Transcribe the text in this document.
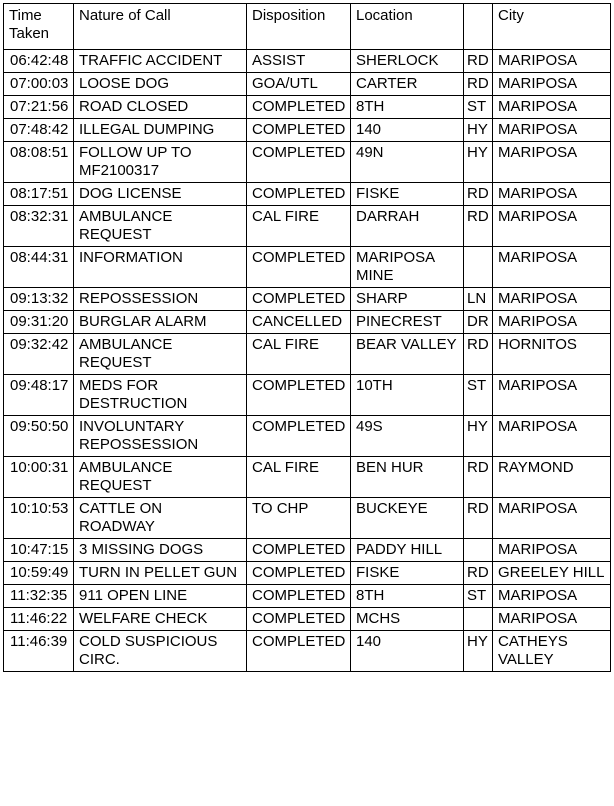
Time Taken	Nature of Call	Disposition	Location		City
06:42:48	TRAFFIC ACCIDENT	ASSIST	SHERLOCK	RD	MARIPOSA
07:00:03	LOOSE DOG	GOA/UTL	CARTER	RD	MARIPOSA
07:21:56	ROAD CLOSED	COMPLETED	8TH	ST	MARIPOSA
07:48:42	ILLEGAL DUMPING	COMPLETED	140	HY	MARIPOSA
08:08:51	FOLLOW UP TO MF2100317	COMPLETED	49N	HY	MARIPOSA
08:17:51	DOG LICENSE	COMPLETED	FISKE	RD	MARIPOSA
08:32:31	AMBULANCE REQUEST	CAL FIRE	DARRAH	RD	MARIPOSA
08:44:31	INFORMATION	COMPLETED	MARIPOSA MINE		MARIPOSA
09:13:32	REPOSSESSION	COMPLETED	SHARP	LN	MARIPOSA
09:31:20	BURGLAR ALARM	CANCELLED	PINECREST	DR	MARIPOSA
09:32:42	AMBULANCE REQUEST	CAL FIRE	BEAR VALLEY	RD	HORNITOS
09:48:17	MEDS FOR DESTRUCTION	COMPLETED	10TH	ST	MARIPOSA
09:50:50	INVOLUNTARY REPOSSESSION	COMPLETED	49S	HY	MARIPOSA
10:00:31	AMBULANCE REQUEST	CAL FIRE	BEN HUR	RD	RAYMOND
10:10:53	CATTLE ON ROADWAY	TO CHP	BUCKEYE	RD	MARIPOSA
10:47:15	3 MISSING DOGS	COMPLETED	PADDY HILL		MARIPOSA
10:59:49	TURN IN PELLET GUN	COMPLETED	FISKE	RD	GREELEY HILL
11:32:35	911 OPEN LINE	COMPLETED	8TH	ST	MARIPOSA
11:46:22	WELFARE CHECK	COMPLETED	MCHS		MARIPOSA
11:46:39	COLD SUSPICIOUS CIRC.	COMPLETED	140	HY	CATHEYS VALLEY
